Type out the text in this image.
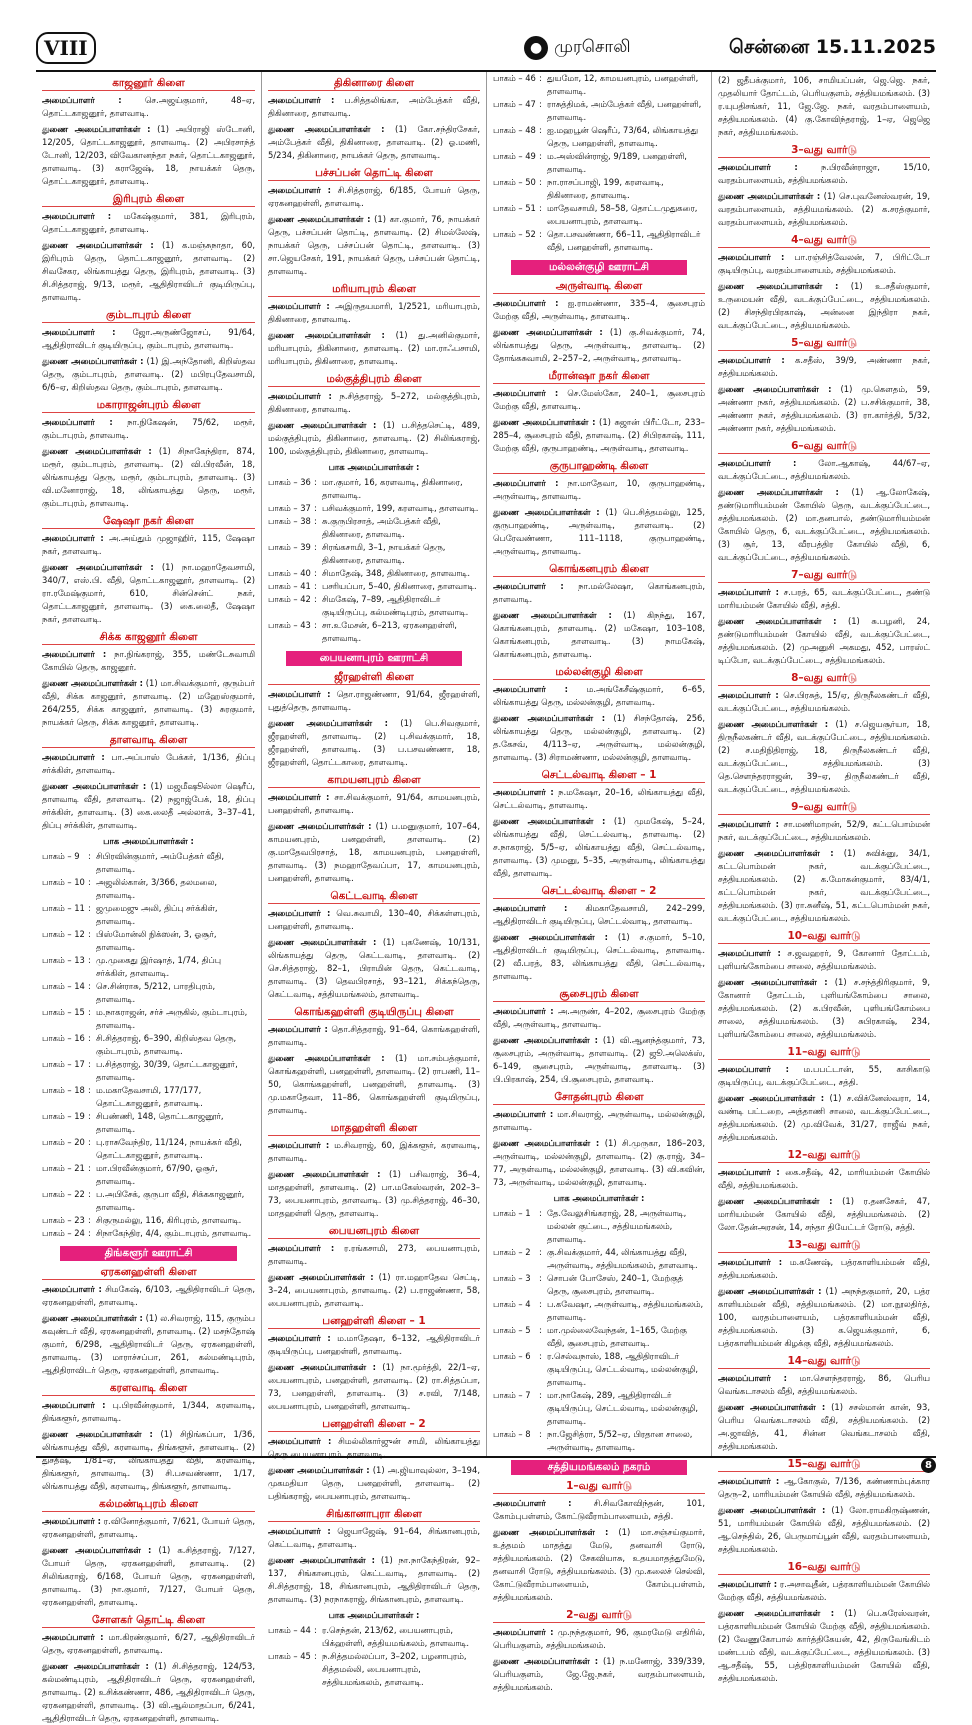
VIII	● முரசொலி	சென்னை 15.11.2025
காஜனூர் கிளை
அமைப்பாளர் :	செ.அஜய்குமார், 48–ஏ, தொட்டகாஜனூர், தாளவாடி.
துணை அமைப்பாளர்கள் : (1) அபிராஜி ஸ்டோனி, 12/205, தொட்டகாஜனூர், தாளவாடி. (2) அபிரசாந்த் டோனி, 12/203, விவேகானந்தா நகர், தொட்டகாஜனூர், தாளவாடி. (3) கராஜேஷ், 18, நாயக்கர் தெரு, தொட்டகாஜனூர், தாளவாடி.
இரிபுரம் கிளை
அமைப்பாளர் : மகேஷ்குமார், 381, இரிபுரம், தொட்டகாஜனூர், தாளவாடி.
துணை அமைப்பாளர்கள் : (1) க.மஞ்சுநாதா, 60, இரிபுரம் தெரு, தொட்டகாஜனூர், தாளவாடி. (2) சிவசேகர, லிங்காயத்து தெரு, இரிபுரம், தாளவாடி. (3) சி.சித்தராஜ், 9/13, மரூர், ஆதிதிராவிடர் குடியிருப்பு, தாளவாடி.
கும்டாபுரம் கிளை
அமைப்பாளர் : ஜோ.அருண்ஜோசப், 91/64, ஆதிதிராவிடர் குடியிருப்பு, கும்டாபுரம், தாளவாடி.
துணை அமைப்பாளர்கள் : (1) இ.அந்தோனி, கிறிஸ்தவ தெரு, கும்டாபுரம், தாளவாடி. (2) மபிரபுதேவசாமி, 6/6–ஏ, கிறிஸ்தவ தெரு, கும்டாபுரம், தாளவாடி.
மகாராஜன்புரம் கிளை
அமைப்பாளர் : நா.நிகேஷன், 75/62, மரூர், கும்டாபுரம், தாளவாடி.
துணை அமைப்பாளர்கள் : (1) சிநாகேந்திரா, 874, மரூர், கும்டாபுரம், தாளவாடி. (2) வி.பிரவீன், 18, லிங்காயத்து தெரு, மரூர், கும்டாபுரம், தாளவாடி. (3) வி.மனோராஜ், 18, லிங்காயத்து தெரு, மரூர், கும்டாபுரம், தாளவாடி.
ஷேஷா நகர் கிளை
அமைப்பாளர் : அ.அய்தும் முஜாஹிர், 115, ஷேஷா நகர், தாளவாடி.
துணை அமைப்பாளர்கள் : (1) நா.மஹாதேவசாமி, 340/7, எஸ்.பி. வீதி, தொட்டகாஜனூர், தாளவாடி. (2) ரா.ரமேஷ்குமார், 610, சின்சென்ட் நகர், தொட்டகாஜனூர், தாளவாடி. (3) கை.லைதீ, ஷேஷா நகர், தாளவாடி.
சிக்க காஜனூர் கிளை
அமைப்பாளர் : நா.நிங்கராஜ், 355, மண்டேசுவாமி கோயில் தெரு, காஜனூர்.
துணை அமைப்பாளர்கள் : (1) மா.சிவக்குமார், குரும்பர் வீதி, சிக்க காஜனூர், தாளவாடி. (2) மஹேஸ்குமார், 264/255, சிக்க காஜனூர், தாளவாடி. (3) சுரகுமார், நாயக்கர் தெரு, சிக்க காஜனூர், தாளவாடி.
தாளவாடி கிளை
அமைப்பாளர் : பா.அப்பாஸ் பேக்கர், 1/136, திப்பு சர்க்கிள், தாளவாடி.
துணை அமைப்பாளர்கள் : (1) மஜமீஷூல்லா ஷெரீப், தாளவாடி வீதி, தாளவாடி. (2) நஜாஜ்பேக், 18, திப்பு சர்க்கிள், தாளவாடி. (3) கை.லைதீ அல்லாக், 3–37–41, திப்பு சர்க்கிள், தாளவாடி.
பாக அமைப்பாளர்கள் :
பாகம் – 9	: சிபிரவின்குமார், அம்பேத்கர் வீதி, தாளவாடி.
பாகம் – 10 : அஜலில்கான், 3/366, தலமலை, தாளவாடி.
பாகம் – 11 : ஜமுமைஜு அலி, திப்பு சர்க்கிள், தாளவாடி.
பாகம் – 12 : பிஸ்மோன்லி நிக்ஸன், 3, ஓசூர், தாளவாடி.
பாகம் – 13 : மு.முகைது இர்ஷாத், 1/74, திப்பு சர்க்கிள், தாளவாடி.
பாகம் – 14 : செ.சின்ராசு, 5/212, பாரதிபுரம், தாளவாடி.
பாகம் – 15 : ம.நாகராஜன், சர்ச் அருகில், கும்டாபுரம், தாளவாடி.
பாகம் – 16 : சி.சித்தராஜ், 6–390, கிறிஸ்தவ தெரு, கும்டாபுரம், தாளவாடி.
பாகம் – 17 : ப.சித்தராஜ், 30/39, தொட்டகாஜனூர், தாளவாடி.
பாகம் – 18 : ம.மகாதேவசாமி, 177/177, தொட்டகாஜனூர், தாளவாடி.
பாகம் – 19 : சிபண்ணி, 148, தொட்டகாஜனூர், தாளவாடி.
பாகம் – 20 : பு.ராசுவேந்திர, 11/124, நாயக்கர் வீதி, தொட்டகாஜனூர், தாளவாடி.
பாகம் – 21 : மா.பிரவீன்குமார், 67/90, ஓசூர், தாளவாடி.
பாகம் – 22 : ப.அபிசேக், குருபா வீதி, சிக்ககாஜனூர், தாளவாடி.
பாகம் – 23 : சிகுருமல்லு, 116, கிரிபுரம், தாளவாடி.
பாகம் – 24 : சிநாகேந்திர, 4/4, கும்டாபுரம், தாளவாடி.
திங்களூர் ஊராட்சி
ஏரகனஹள்ளி கிளை
அமைப்பாளர் : சிமகேஷ், 6/103, ஆதிதிராவிடர் தெரு, ஏரகனஹள்ளி, தாளவாடி.
துணை அமைப்பாளர்கள் : (1) ல.சிவராஜ், 115, குரும்ப கவுண்டர் வீதி, ஏரகனஹள்ளி, தாளவாடி. (2) மசந்தோஷ் குமார், 6/298, ஆதிதிராவிடர் தெரு, ஏரகனஹள்ளி, தாளவாடி. (3) மாராச்சப்பா, 261, கல்மண்டிபுரம், ஆதிதிராவிடர் தெரு, ஏரகனஹள்ளி, தாளவாடி.
கரளவாடி கிளை
அமைப்பாளர் : பு.பிரவீன்குமார், 1/344, கரளவாடி, திங்களூர், தாளவாடி.
துணை அமைப்பாளர்கள் : (1) சிநிங்கப்பா, 1/36, லிங்காயத்து வீதி, கரளவாடி, திங்களூர், தாளவாடி. (2) துசதீஷ், 1/81–ஏ, லிங்காயத்து வீதி, கரளவாடி, திங்களூர், தாளவாடி. (3) சி.பசவண்ணா, 1/17, லிங்காயத்து வீதி, கரளவாடி, திங்களூர், தாளவாடி.
கல்மண்டிபுரம் கிளை
அமைப்பாளர் : ர.வினோத்குமார், 7/621, போயர் தெரு, ஏரகனஹள்ளி, தாளவாடி.
துணை அமைப்பாளர்கள் : (1) க.சித்தராஜ், 7/127, போயர் தெரு, ஏரகனஹள்ளி, தாளவாடி. (2) சிலிங்கராஜ், 6/168, போயர் தெரு, ஏரகனஹள்ளி, தாளவாடி. (3) நா.குமார், 7/127, போயர் தெரு, ஏரகனஹள்ளி, தாளவாடி.
சோளகர் தொட்டி கிளை
அமைப்பாளர் : மா.கிரண்குமார், 6/27, ஆதிதிராவிடர் தெரு, ஏரகனஹள்ளி, தாளவாடி.
துணை அமைப்பாளர்கள் : (1) சி.சித்தராஜ், 124/53, கல்மண்டிபுரம், ஆதிதிராவிடர் தெரு, ஏரகனஹள்ளி, தாளவாடி. (2) உசிக்கண்ணா, 486, ஆதிதிராவிடர் தெரு, ஏரகனஹள்ளி, தாளவாடி. (3) வி.ஆல்மாதப்பா, 6/241, ஆதிதிராவிடர் தெரு, ஏரகனஹள்ளி, தாளவாடி.
திகினாரை கிளை
அமைப்பாளர் : ப.சித்தலிங்கா, அம்பேத்கர் வீதி, திகினாரை, தாளவாடி.
துணை அமைப்பாளர்கள் : (1) கோ.சந்திரசேகர், அம்பேத்கர் வீதி, திகினாரை, தாளவாடி. (2) ஓ.மணி, 5/234, திகினாரை, நாயக்கர் தெரு, தாளவாடி.
பச்சப்பன் தொட்டி கிளை
அமைப்பாளர் : சி.சித்தராஜ், 6/185, போயர் தெரு, ஏரகனஹள்ளி, தாளவாடி.
துணை அமைப்பாளர்கள் : (1) கா.குமார், 76, நாயக்கர் தெரு, பச்சப்பன் தொட்டி, தாளவாடி. (2) சிமல்லேஷ், நாயக்கர் தெரு, பச்சப்பன் தொட்டி, தாளவாடி. (3) சா.ஜெயசேகர், 191, நாயக்கர் தெரு, பச்சப்பன் தொட்டி, தாளவாடி.
மரியாபுரம் கிளை
அமைப்பாளர் : அஇருதயமாரி, 1/2521, மரியாபுரம், திகினாரை, தாளவாடி.
துணை அமைப்பாளர்கள் : (1) து.அனில்குமார், மரியாபுரம், திகினாரை, தாளவாடி. (2) மா.ராஃபசாமி, மரியாபுரம், திகினாரை, தாளவாடி.
மல்குத்திபுரம் கிளை
அமைப்பாளர் : ந.சித்தராஜ், 5–272, மல்குத்திபுரம், திகினாரை, தாளவாடி.
துணை அமைப்பாளர்கள் : (1) ப.சித்தசெட்டி, 489, மல்குத்திபுரம், திகினாரை, தாளவாடி. (2) சிலிங்கராஜ், 100, மல்குத்திபுரம், திகினாரை, தாளவாடி.
பாக அமைப்பாளர்கள் :
பாகம் – 36 : மா.குமார், 16, கரளவாடி, திகினாரை, தாளவாடி.
பாகம் – 37 : பசிவக்குமார், 199, கரளவாடி, தாளவாடி.
பாகம் – 38 : சு.குருபிரசாத், அம்பேத்கர் வீதி, திகினாரை, தாளவாடி.
பாகம் – 39 : சிரங்கசாமி, 3–1, நாயக்கர் தெரு, திகினாரை, தாளவாடி.
பாகம் – 40 : சிமாதேஷ், 348, திகினாரை, தாளவாடி.
பாகம் – 41 : பசரியப்பா, 5–40, திகினாரை, தாளவாடி.
பாகம் – 42 : சிமகேஷ், 7–89, ஆதிதிராவிடர் குடியிருப்பு, கல்மண்டிபுரம், தாளவாடி.
பாகம் – 43 : சா.உமேசன், 6–213, ஏரகனஹள்ளி, தாளவாடி.
பையனாபுரம் ஊராட்சி
ஜீரஹள்ளி கிளை
அமைப்பாளர் : தொ.ராஜண்ணா, 91/64, ஜீரஹள்ளி, புதுத்தெரு, தாளவாடி.
துணை அமைப்பாளர்கள் : (1) பெ.சிவகுமார், ஜீரஹள்ளி, தாளவாடி. (2) பு.சிவக்குமார், 18, ஜீரஹள்ளி, தாளவாடி. (3) ப.பசவண்ணா, 18, ஜீரஹள்ளி, தொட்டகாரை, தாளவாடி.
காமயனபுரம் கிளை
அமைப்பாளர் : சா.சிவக்குமார், 91/64, காமயனபுரம், பனஹள்ளி, தாளவாடி.
துணை அமைப்பாளர்கள் : (1) ப.மனுகுமார், 107–64, காமயனபுரம், பனஹள்ளி, தாளவாடி. (2) கு.மாதேவபிரசாத், 18, காமயனபுரம், பனஹள்ளி, தாளவாடி. (3) நமஹாதேவப்பா, 17, காமயனபுரம், பனஹள்ளி, தாளவாடி.
கெட்டவாடி கிளை
அமைப்பாளர் : வெ.சுவாமி, 130–40, சிக்கள்ளபுரம், பனஹள்ளி, தாளவாடி.
துணை அமைப்பாளர்கள் : (1) புகணேஷ், 10/131, லிங்காயத்து தெரு, கெட்டவாடி, தாளவாடி. (2) செ.சித்தராஜ், 82–1, பிராமின் தெரு, கெட்டவாடி, தாளவாடி. (3) தெவபிரசாத், 93–121, சிக்கந்தெரு, கெட்டவாடி, சத்தியமங்கலம், தாளவாடி.
கொங்கஹள்ளி குடியிருப்பு கிளை
அமைப்பாளர் : தொ.சித்தராஜ், 91–64, கொங்கஹள்ளி, தாளவாடி.
துணை அமைப்பாளர்கள் : (1) மா.சம்பத்குமார், கொங்கஹள்ளி, பனஹள்ளி, தாளவாடி. (2) ராபணி, 11–50, கொங்கஹள்ளி, பனஹள்ளி, தாளவாடி. (3) மு.மகாதேவா, 11–86, கொங்கஹள்ளி குடியிருப்பு, தாளவாடி.
மாதஹள்ளி கிளை
அமைப்பாளர் : ம.சிவராஜ், 60, இக்களூர், கரளவாடி, தாளவாடி.
துணை அமைப்பாளர்கள் : (1) பசிவராஜ், 36–4, மாதஹள்ளி, தாளவாடி. (2) பா.மகேஸ்வரன், 202–3–73, பையனாபுரம், தாளவாடி. (3) மு.சித்தராஜ், 46–30, மாதஹள்ளி தெரு, தாளவாடி.
பையனபுரம் கிளை
அமைப்பாளர் : ர.ரங்கசாமி, 273, பையனாபுரம், தாளவாடி.
துணை அமைப்பாளர்கள் : (1) ரா.மஹாதேவ செட்டி, 3–24, பையனாபுரம், தாளவாடி. (2) ப.ராஜண்ணா, 58, பையனாபுரம், தாளவாடி.
பனஹள்ளி கிளை – 1
அமைப்பாளர் : ம.மாதேஷா, 6–132, ஆதிதிராவிடர் குடியிருப்பு, பனஹள்ளி, தாளவாடி.
துணை அமைப்பாளர்கள் : (1) நா.மூர்த்தி, 22/1–ஏ, பையனாபுரம், பனஹள்ளி, தாளவாடி. (2) ரா.சித்தப்பா, 73, பனஹள்ளி, தாளவாடி. (3) ச.ரவி, 7/148, பையனாபுரம், பனஹள்ளி, தாளவாடி.
பனஹள்ளி கிளை – 2
அமைப்பாளர் : சிமல்லிகார்ஜுன் சாமி, லிங்காயத்து தெரு பையனாபுரம், தாளவாடி.
துணை அமைப்பாளர்கள் : (1) அ.ஜியாவுல்லா, 3–194, முகமதியா தெரு, பனஹள்ளி, தாளவாடி. (2) பதிங்கராஜ், பையனாபுரம், தாளவாடி.
சிங்கானாபுரா கிளை
அமைப்பாளர் : ஜெயாஜேஷ், 91–64, சிங்கானபுரம், கெட்டவாடி, தாளவாடி.
துணை அமைப்பாளர்கள் : (1) நா.நாகேந்திரன், 92–137, சிங்கானபுரம், கெட்டவாடி, தாளவாடி. (2) சி.சித்தராஜ், 18, சிங்கானபுரம், ஆதிதிராவிடர் தெரு, தாளவாடி. (3) நரநாகராஜ், சிங்கானபுரம், தாளவாடி.
பாக அமைப்பாளர்கள் :
பாகம் – 44 : ர.செந்தன், 213/62, பையனாபுரம், பிக்ஹள்ளி, சத்தியமங்கலம், தாளவாடி.
பாகம் – 45 : ந.சித்தமல்லப்பா, 3–202, பழனாபுரம், சித்தமல்லி, பையனாபுரம், சத்தியமங்கலம், தாளவாடி.
பாகம் – 46 : துயமோ, 12, காமயனபுரம், பனஹள்ளி, தாளவாடி.
பாகம் – 47 : ராசுத்திமக், அம்பேத்கர் வீதி, பனஹள்ளி, தாளவாடி.
பாகம் – 48 : ஐ.மஹபூன் ஷெரீப், 73/64, லிங்காயத்து தெரு, பனஹள்ளி, தாளவாடி.
பாகம் – 49 : ம.அஸ்வின்ராஜ், 9/189, பனஹள்ளி, தாளவாடி.
பாகம் – 50 : நா.ராசப்பாஜி, 199, கரளவாடி, திகினாரை, தாளவாடி.
பாகம் – 51 : மாதேவசாமி, 58–58, தொட்டமுதுகரை, பையனாபுரம், தாளவாடி.
பாகம் – 52 : தொ.பசவண்ணா, 66–11, ஆதிதிராவிடர் வீதி, பனஹள்ளி, தாளவாடி.
மல்லன்குழி ஊராட்சி
அருள்வாடி கிளை
அமைப்பாளர் : ஐ.ராமண்ணா, 335–4, சூசைபுரம் மேற்கு வீதி, அருள்வாடி, தாளவாடி.
துணை அமைப்பாளர்கள் : (1) கு.சிவக்குமார், 74, லிங்காயத்து தெரு, அருள்வாடி, தாளவாடி. (2) தோங்கசுவாமி, 2–257–2, அருள்வாடி, தாளவாடி.
மீரான்ஷா நகர் கிளை
அமைப்பாளர் : செ.மேஸ்கோ, 240–1, சூசைபுரம் மேற்கு வீதி, தாளவாடி.
துணை அமைப்பாளர்கள் : (1) சுஜான் பிரீட்டோ, 233–285–4, சூசைபுரம் வீதி, தாளவாடி. (2) சிபிரகாஷ், 111, மேற்கு வீதி, குருபாஹண்டி, அருள்வாடி, தாளவாடி.
குருபாஹண்டி கிளை
அமைப்பாளர் : நா.மாதேவா, 10, குருபாஹண்டி, அருள்வாடி, தாளவாடி.
துணை அமைப்பாளர்கள் : (1) பெ.சித்தமல்லு, 125, குருபாஹண்டி, அருள்வாடி, தாளவாடி. (2) பெரேவண்ணா, 111–1118, குருபாஹண்டி, அருள்வாடி, தாளவாடி.
கொங்கனபுரம் கிளை
அமைப்பாளர் : நா.மல்லேஷா, கொங்கனபுரம், தாளவாடி.
துணை அமைப்பாளர்கள் : (1) கிநந்து, 167, கொங்கனபுரம், தாளவாடி. (2) மகேஷா, 103–108, கொங்கனபுரம், தாளவாடி. (3) நாமகேஷ், கொங்கனபுரம், தாளவாடி.
மல்லன்குழி கிளை
அமைப்பாளர் : ம.அங்கேசீஷ்குமார், 6–65, லிங்காயத்து தெரு, மல்லன்குழி, தாளவாடி.
துணை அமைப்பாளர்கள் : (1) சிசந்தோஷ், 256, லிங்காயத்து தெரு, மல்லன்குழி, தாளவாடி. (2) த.கேசவ், 4/113–ஏ, அருள்வாடி, மல்லன்குழி, தாளவாடி. (3) சிராமண்ணா, மல்லன்குழி, தாளவாடி.
செட்டல்வாடி கிளை – 1
அமைப்பாளர் : ந.மகேஷா, 20–16, லிங்காயத்து வீதி, செட்டல்வாடி, தாளவாடி.
துணை அமைப்பாளர்கள் : (1) முமகேஷ், 5–24, லிங்காயத்து வீதி, செட்டல்வாடி, தாளவாடி. (2) ச.நாகராஜ், 5/5–ஏ, லிங்காயத்து வீதி, செட்டல்வாடி, தாளவாடி. (3) முமனு, 5–35, அருள்வாடி, லிங்காயத்து வீதி, தாளவாடி.
செட்டல்வாடி கிளை – 2
அமைப்பாளர் : கிமகாதேவசாமி, 242–299, ஆதிதிராவிடர் குடியிருப்பு, செட்டல்வாடி, தாளவாடி.
துணை அமைப்பாளர்கள் : (1) ச.குமார், 5–10, ஆதிதிராவிடர் குடியிருப்பு, செட்டல்வாடி, தாளவாடி. (2) வீ.பரத், 83, லிங்காயத்து வீதி, செட்டல்வாடி, தாளவாடி.
சூசைபுரம் கிளை
அமைப்பாளர் : அ.அருண், 4–202, சூசைபுரம் மேற்கு வீதி, அருள்வாடி, தாளவாடி.
துணை அமைப்பாளர்கள் : (1) வி.ஆனந்த்குமார், 73, சூசைபுரம், அருள்வாடி, தாளவாடி. (2) ஜூ.அலெக்ஸ், 6–149, சூசைபுரம், அருள்வாடி, தாளவாடி. (3) பி.பிரகாஷ், 254, பி.சூசைபுரம், தாளவாடி.
சோதன்புரம் கிளை
அமைப்பாளர் : மா.சிவராஜ், அருள்வாடி, மல்லன்குழி, தாளவாடி.
துணை அமைப்பாளர்கள் : (1) சி.முருகா, 186–203, அருள்வாடி, மல்லன்குழி, தாளவாடி. (2) கு.ராஜ், 34–77, அருள்வாடி, மல்லன்குழி, தாளவாடி. (3) வி.கவின், 73, அருள்வாடி, மல்லன்குழி, தாளவாடி.
பாக அமைப்பாளர்கள் :
பாகம் – 1	: தே.வேலுசிங்கராஜ், 28, அருள்வாடி, மல்லன் குட்டை, சத்தியமங்கலம், தாளவாடி.
பாகம் – 2	: கு.சிவக்குமார், 44, லிங்காயத்து வீதி, அருள்வாடி, சத்தியமங்கலம், தாளவாடி.
பாகம் – 3	: சொபன் போசேஸ், 240–1, மேற்குத் தெரு, சூசைபுரம், தாளவாடி.
பாகம் – 4	: ப.கவேஷா, அருள்வாடி, சத்தியமங்கலம், தாளவாடி.
பாகம் – 5	: மா.முல்லைவேந்தன், 1–165, மேற்கு வீதி, சூசைபுரம், தாளவாடி.
பாகம் – 6	: ர.செல்வநாஸ், 188, ஆதிதிராவிடர் குடியிருப்பு, செட்டல்வாடி, மல்லன்குழி, தாளவாடி.
பாகம் – 7	: மா.நாகேஷ், 289, ஆதிதிராவிடர் குடியிருப்பு, செட்டல்வாடி, மல்லன்குழி, தாளவாடி.
பாகம் – 8	: நா.ஜேசித்ரா, 5/52–ஏ, பிரதான சாலை, அருள்வாடி, தாளவாடி.
சத்தியமங்கலம் நகரம்
1–வது வார்டு
அமைப்பாளர் :	சி.சிவகோவிந்தன், 101, கோம்புபள்ளம், கோட்டுவீராம்பாளையம், சத்தி.
துணை அமைப்பாளர்கள் : (1) மா.சஞ்சய்குமார், உத்தமம் மாதத்து மேடு, தனவாசி ரோடு, சத்தியமங்கலம். (2) சேகவியாசு, உதயமாதத்துமேடு, தனவாசி ரோடு, சத்தியமங்கலம். (3) மு.கலைச் செல்வி, கோட்டுவீராம்பாளையம், கோம்புபள்ளம், சத்தியமங்கலம்.
2–வது வார்டு
அமைப்பாளர் : மு.நந்தகுமார், 96, குமரமேடு எதிரில், பெரியகுளம், சத்தியமங்கலம்.
துணை அமைப்பாளர்கள் : (1) ந.மனோஜ், 339/339, பெரியகுளம், ஜே.ஜே.நகர், வரதம்பாளையம், சத்தியமங்கலம்.
(2) ஜதீபக்குமார், 106, சாமியப்பன், ஜெ.ஜெ. நகர், முதலியார் தோட்டம், பெரியகுளம், சத்தியமங்கலம். (3) ர.யுபதிசங்கர், 11, ஜே.ஜே. நகர், வரதம்பாளையம், சத்தியமங்கலம். (4) கு.கோவிந்தராஜ், 1–ஏ, ஜெஜெ நகர், சத்தியமங்கலம்.
3–வது வார்டு
அமைப்பாளர் :	ந.பிரவீன்ராஜா, 15/10, வரதம்பாளையம், சத்தியமங்கலம்.
துணை அமைப்பாளர்கள் : (1) செ.புவனேஸ்வரன், 19, வரதம்பாளையம், சத்தியமங்கலம். (2) க.சரத்குமார், வரதம்பாளையம், சத்தியமங்கலம்.
4–வது வார்டு
அமைப்பாளர் : பா.ரஞ்சித்வேலன், 7, பிரிட்டோ குடியிருப்பு, வரதம்பாளையம், சத்தியமங்கலம்.
துணை அமைப்பாளர்கள் : (1) உ.சதீஸ்குமார், உருமையன் வீதி, வடக்குப்பேட்டை, சத்தியமங்கலம். (2) சிசந்திரபிரகாஷ், அன்னை இந்திரா நகர், வடக்குப்பேட்டை, சத்தியமங்கலம்.
5–வது வார்டு
அமைப்பாளர் : க.சதீஸ், 39/9, அண்ணா நகர், சத்தியமங்கலம்.
துணை அமைப்பாளர்கள் : (1) மு.கௌதம், 59, அண்ணா நகர், சத்தியமங்கலம். (2) ப.சசிக்குமார், 38, அண்ணா நகர், சத்தியமங்கலம். (3) ரா.கார்த்தி, 5/32, அண்ணா நகர், சத்தியமங்கலம்.
6–வது வார்டு
அமைப்பாளர் :	லோ.ஆகாஷ், 44/67–ஏ, வடக்குப்பேட்டை, சத்தியமங்கலம்.
துணை அமைப்பாளர்கள் : (1) ஆ.லோகேஷ், தண்டுமாரியம்மன் கோயில் தெரு, வடக்குப்பேட்டை, சத்தியமங்கலம். (2) மா.தனபால், தண்டுமாரியம்மன் கோயில் தெரு, 6, வடக்குப்பேட்டை, சத்தியமங்கலம். (3) சூர், 13, வீரபத்திர கோயில் வீதி, 6, வடக்குப்பேட்டை, சத்தியமங்கலம்.
7–வது வார்டு
அமைப்பாளர் : ச.பரத், 65, வடக்குப்பேட்டை, தண்டு மாரியம்மன் கோயில் வீதி, சத்தி.
துணை அமைப்பாளர்கள் : (1) சு.பழனி, 24, தண்டுமாரியம்மன் கோயில் வீதி, வடக்குப்பேட்டை, சத்தியமங்கலம். (2) முஅனுசி அகமது, 452, பாரஸ்ட் டிப்போ, வடக்குப்பேட்டை, சத்தியமங்கலம்.
8–வது வார்டு
அமைப்பாளர் : செ.பிரசுத், 15/ஏ, திருநீலகண்டர் வீதி, வடக்குப்பேட்டை, சத்தியமங்கலம்.
துணை அமைப்பாளர்கள் : (1) ச.ஜெயசூர்யா, 18, திருநீலகண்டர் வீதி, வடக்குப்பேட்டை, சத்தியமங்கலம். (2) ச.மதிநிதிராஜ், 18, திருநீலகண்டர் வீதி, வடக்குப்பேட்டை, சத்தியமங்கலம். (3) தெ.சௌந்தரராஜன், 39–ஏ, திருநீலகண்டர் வீதி, வடக்குப்பேட்டை, சத்தியமங்கலம்.
9–வது வார்டு
அமைப்பாளர் : சா.மணிமாறன், 52/9, கட்டபொம்மன் நகர், வடக்குப்பேட்டை, சத்தியமங்கலம்.
துணை அமைப்பாளர்கள் : (1) சுவிக்னு, 34/1, கட்டபொம்மன் நகர், வடக்குப்பேட்டை, சத்தியமங்கலம். (2) க.மோகன்குமார், 83/4/1, கட்டபொம்மன் நகர், வடக்குப்பேட்டை, சத்தியமங்கலம். (3) ரா.சுனீஷ், 51, கட்டபொம்மன் நகர், வடக்குப்பேட்டை, சத்தியமங்கலம்.
10–வது வார்டு
அமைப்பாளர் : ச.ஜவஹரர், 9, கோனார் தோட்டம், புளியங்கோம்பை சாலை, சத்தியமங்கலம்.
துணை அமைப்பாளர்கள் : (1) ச.சந்த்திரிகுமார், 9, கோனார் தோட்டம், புளியங்கோம்பை சாலை, சத்தியமங்கலம். (2) க.பிரவீன், புளியங்கோம்பை சாலை, சத்தியமங்கலம். (3) சுபிரகாஷ், 234, புளியங்கோம்பை சாலை, சத்தியமங்கலம்.
11–வது வார்டு
அமைப்பாளர் : ம.பபட்டான், 55, காசிகாடு குடியிருப்பு, வடக்குப்பேட்டை, சத்தி.
துணை அமைப்பாளர்கள் : (1) ச.விக்னேஸ்வரா, 14, வண்டி பட்டறை, அத்தாணி சாலை, வடக்குப்பேட்டை, சத்தியமங்கலம். (2) மு.விவேக், 31/27, ராஜீவ் நகர், சத்தியமங்கலம்.
12–வது வார்டு
அமைப்பாளர் : கை.சதீஷ், 42, மாரியம்மன் கோயில் வீதி, சத்தியமங்கலம்.
துணை அமைப்பாளர்கள் : (1) ர.தனசேகர், 47, மாரியம்மன் கோயில் வீதி, சத்தியமங்கலம். (2) லோ.தேன்அரசன், 14, சந்தா தியேட்டர் ரோடு, சத்தி.
13–வது வார்டு
அமைப்பாளர் : ம.கணேஷ், பத்ரகாளியம்மன் வீதி, சத்தியமங்கலம்.
துணை அமைப்பாளர்கள் : (1) அநந்தகுமார், 20, பத்ர காளியம்மன் வீதி, சத்தியமங்கலம். (2) மா.நூலதிர்த், 100, வரதம்பாளையம், பத்ரகாளியம்மன் வீதி, சத்தியமங்கலம். (3) க.ஜெயக்குமார், 6, பத்ரகாளியம்மன் கிழக்கு வீதி, சத்தியமங்கலம்.
14–வது வார்டு
அமைப்பாளர் : மா.சௌந்தரராஜ், 86, பெரிய வெங்கடாசலம் வீதி, சத்தியமங்கலம்.
துணை அமைப்பாளர்கள் : (1) சசல்மான் கான், 93, பெரிய வெங்கடாசலம் வீதி, சத்தியமங்கலம். (2) அ.ஜாவித், 41, சின்ன வெங்கடாசலம் வீதி, சத்தியமங்கலம்.
15–வது வார்டு
அமைப்பாளர் : ஆ.கோகுல், 7/136, கண்ணாம்புக்கார தெரு–2, மாரியம்மன் கோயில் வீதி, சத்தியமங்கலம்.
துணை அமைப்பாளர்கள் : (1) லோ.ராமகிருஷ்ணன், 51, மாரியம்மன் கோயில் வீதி, சத்தியமங்கலம். (2) ஆ.செந்தில், 26, பெருமாய்பூன் வீதி, வரதம்பாளையம், சத்தியமங்கலம்.
16–வது வார்டு
அமைப்பாளர் : ர.அசாவுதீன், பத்ரகாளியம்மன் கோயில் மேற்கு வீதி, சத்தியமங்கலம்.
துணை அமைப்பாளர்கள் : (1) பெ.சுரேஸ்வரன், பத்ரகாளியம்மன் கோயில் மேற்கு வீதி, சத்தியமங்கலம். (2) வேணுகோபால் கார்த்திகேயன், 42, திருவேங்கிடம் மண்டபம் வீதி, வடக்குப்பேட்டை, சத்தியமங்கலம். (3) ஆ.சதீஷ், 55, பத்திரகாளியம்மன் கோயில் வீதி, சத்தியமங்கலம்.
8
